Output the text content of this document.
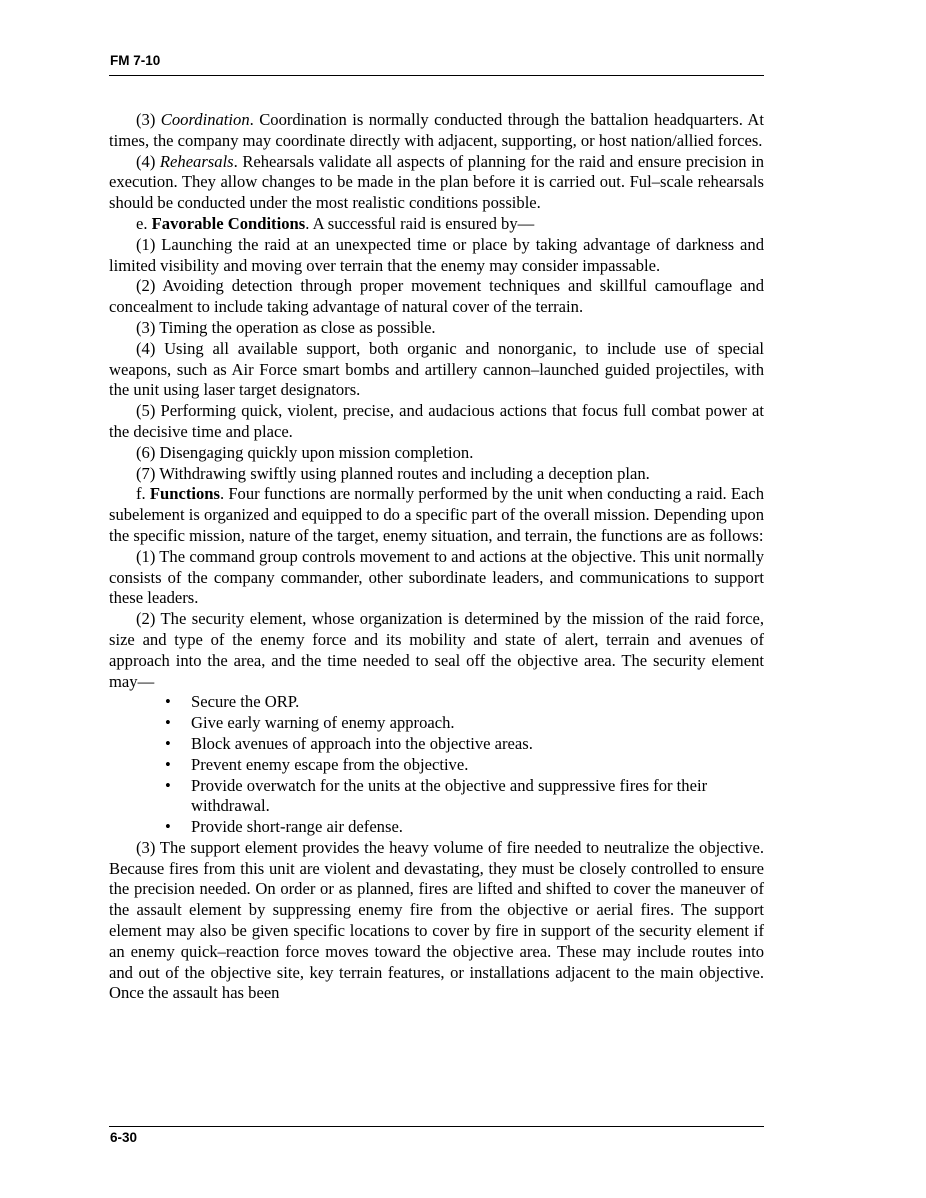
FM 7-10

(3) Coordination. Coordination is normally conducted through the battalion headquarters. At times, the company may coordinate directly with adjacent, supporting, or host nation/allied forces.

(4) Rehearsals. Rehearsals validate all aspects of planning for the raid and ensure precision in execution. They allow changes to be made in the plan before it is carried out. Ful–scale rehearsals should be conducted under the most realistic conditions possible.

e. Favorable Conditions. A successful raid is ensured by—

(1) Launching the raid at an unexpected time or place by taking advantage of darkness and limited visibility and moving over terrain that the enemy may consider impassable.

(2) Avoiding detection through proper movement techniques and skillful camouflage and concealment to include taking advantage of natural cover of the terrain.

(3) Timing the operation as close as possible.

(4) Using all available support, both organic and nonorganic, to include use of special weapons, such as Air Force smart bombs and artillery cannon–launched guided projectiles, with the unit using laser target designators.

(5) Performing quick, violent, precise, and audacious actions that focus full combat power at the decisive time and place.

(6) Disengaging quickly upon mission completion.

(7) Withdrawing swiftly using planned routes and including a deception plan.

f. Functions. Four functions are normally performed by the unit when conducting a raid. Each subelement is organized and equipped to do a specific part of the overall mission. Depending upon the specific mission, nature of the target, enemy situation, and terrain, the functions are as follows:

(1) The command group controls movement to and actions at the objective. This unit normally consists of the company commander, other subordinate leaders, and communications to support these leaders.

(2) The security element, whose organization is determined by the mission of the raid force, size and type of the enemy force and its mobility and state of alert, terrain and avenues of approach into the area, and the time needed to seal off the objective area. The security element may—

• Secure the ORP.
• Give early warning of enemy approach.
• Block avenues of approach into the objective areas.
• Prevent enemy escape from the objective.
• Provide overwatch for the units at the objective and suppressive fires for their withdrawal.
• Provide short-range air defense.

(3) The support element provides the heavy volume of fire needed to neutralize the objective. Because fires from this unit are violent and devastating, they must be closely controlled to ensure the precision needed. On order or as planned, fires are lifted and shifted to cover the maneuver of the assault element by suppressing enemy fire from the objective or aerial fires. The support element may also be given specific locations to cover by fire in support of the security element if an enemy quick–reaction force moves toward the objective area. These may include routes into and out of the objective site, key terrain features, or installations adjacent to the main objective. Once the assault has been

6-30
